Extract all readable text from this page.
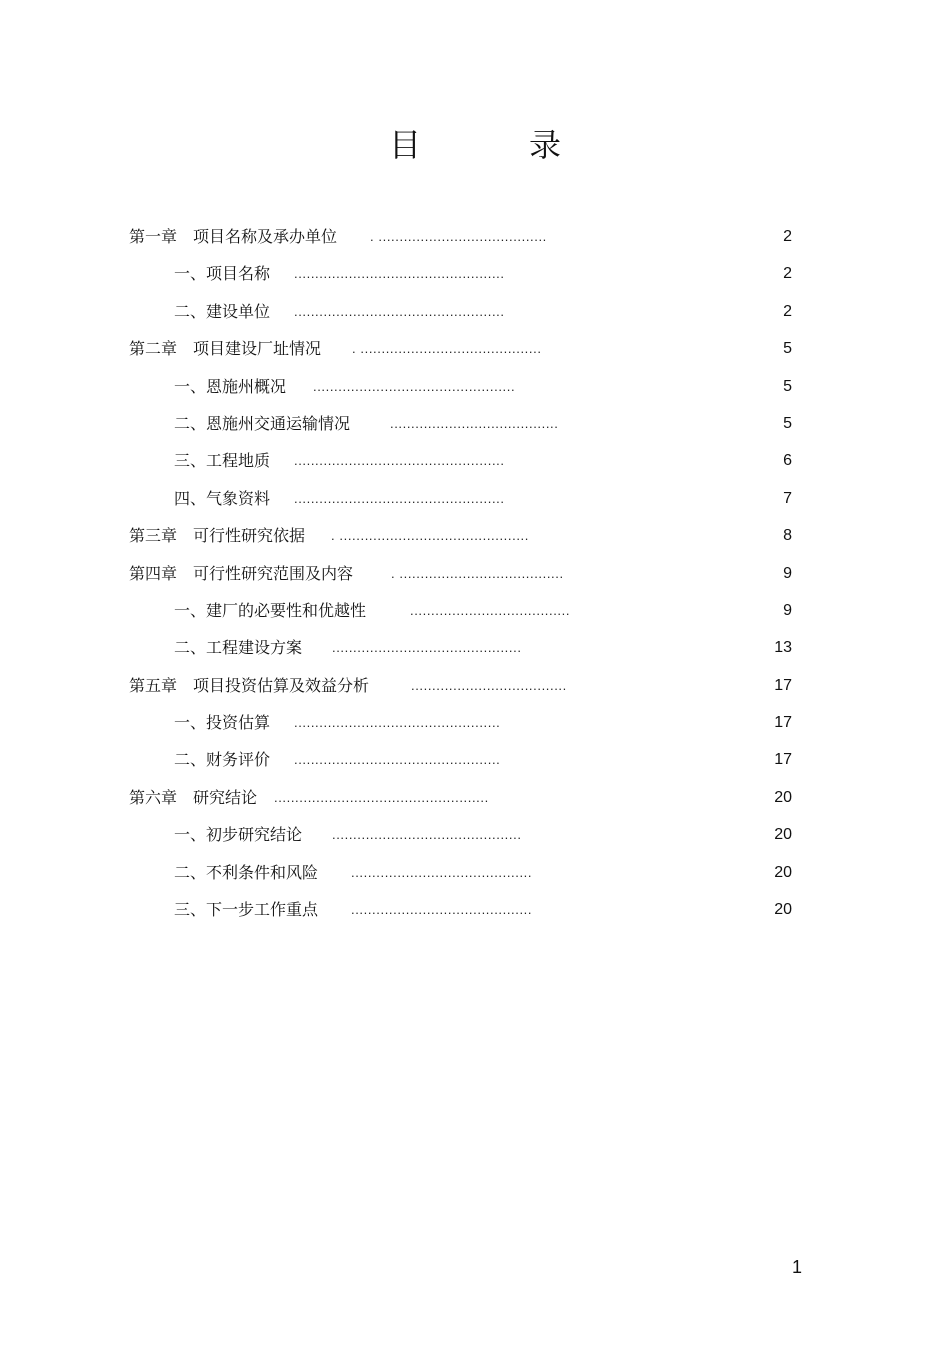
目　录
第一章　项目名称及承办单位	. ........................................	2
一、项目名称 ..................................................	2
二、建设单位 ..................................................	2
第二章　项目建设厂址情况 . ...........................................	5
一、恩施州概况 ................................................	5
二、恩施州交通运输情况	........................................	5
三、工程地质 ..................................................	6
四、气象资料 ..................................................	7
第三章　可行性研究依据 . .............................................	8
第四章　可行性研究范围及内容	. .......................................	9
一、建厂的必要性和优越性	......................................	9
二、工程建设方案 .............................................	13
第五章　项目投资估算及效益分析	.....................................	17
一、投资估算 .................................................	17
二、财务评价 .................................................	17
第六章　研究结论 ...................................................	20
一、初步研究结论 .............................................	20
二、不利条件和风险	...........................................	20
三、下一步工作重点	...........................................	20
1
